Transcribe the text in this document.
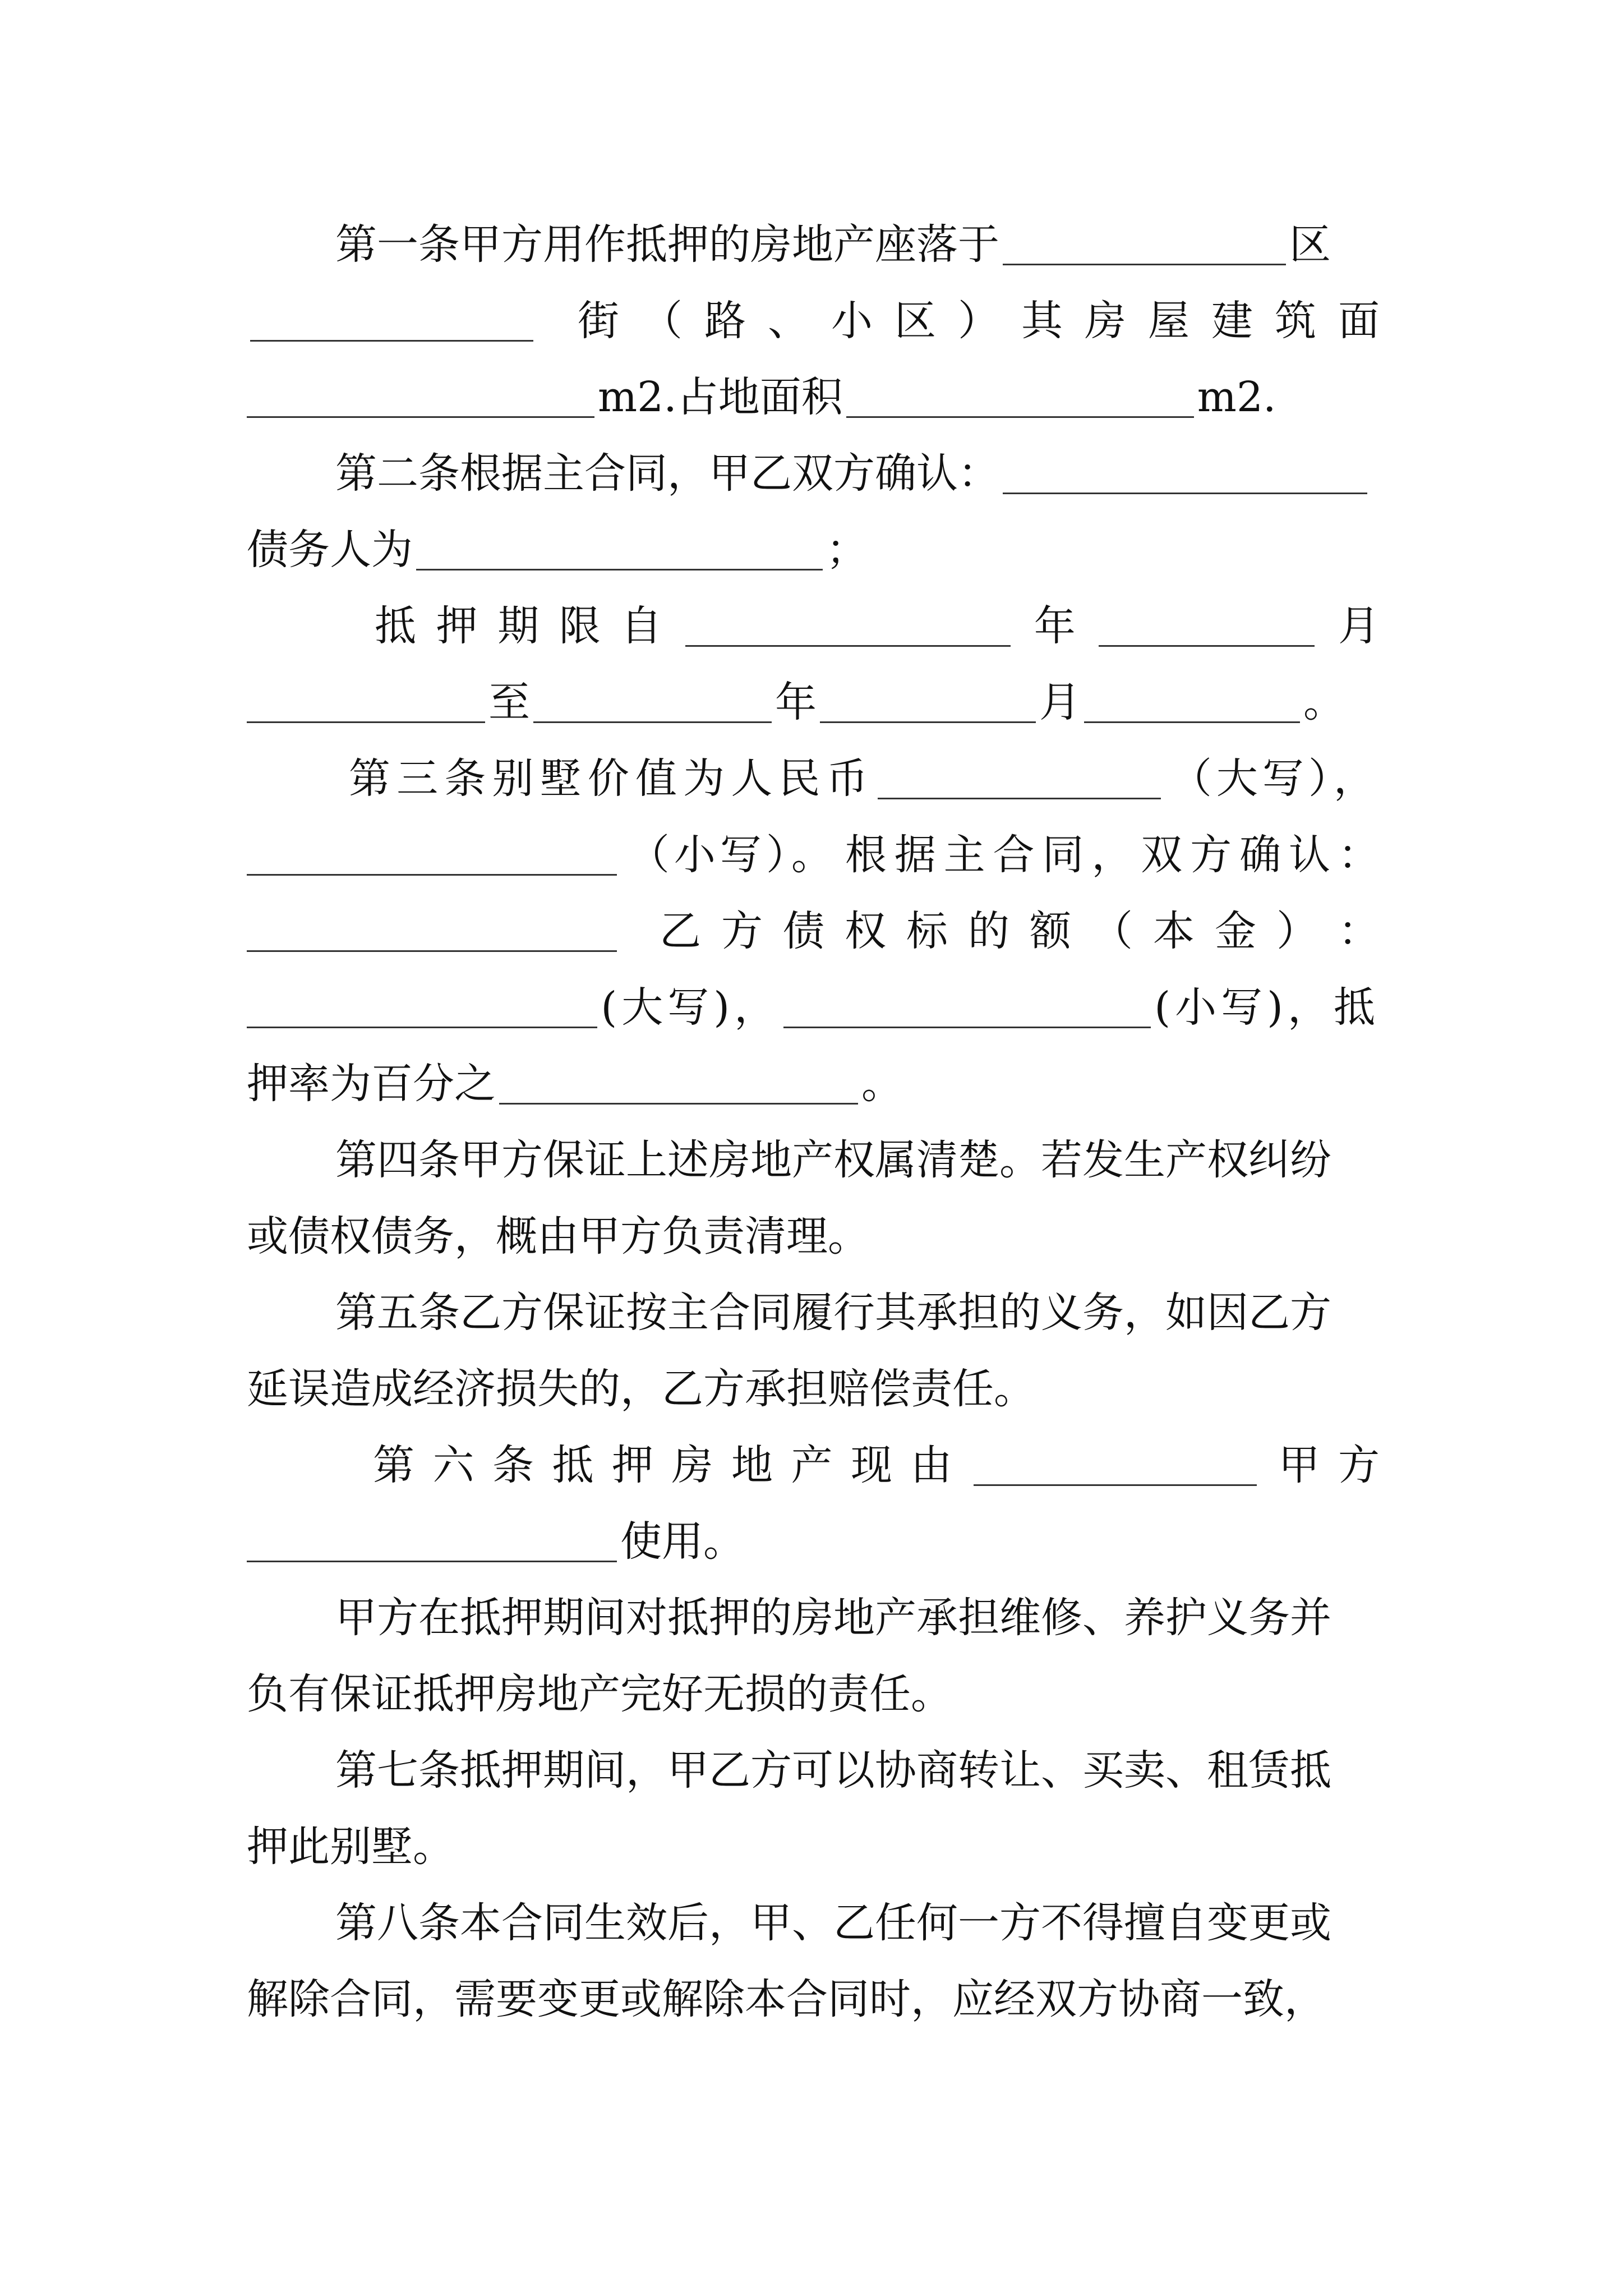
第一条甲方用作抵押的房地产座落于	区
街 （ 路 、 小 区 ） 其 房 屋 建 筑 面
m2. 占地面积	m2.
第二条根据主合同，甲乙双方确认：
债务人为	；
抵 押 期 限 自	年	月
至	年	月	。
第 三 条 别 墅 价 值 为 人 民 币	（大写），
（小写）。 根 据 主 合 同 ， 双 方 确 认 ：
乙 方 债 权 标 的 额 （ 本 金 ） ：
(大写)，	(小写)，抵
押率为百分之	。
第四条甲方保证上述房地产权属清楚。若发生产权纠纷
或债权债务，概由甲方负责清理。
第五条乙方保证按主合同履行其承担的义务，如因乙方
延误造成经济损失的，乙方承担赔偿责任。
第 六 条 抵 押 房 地 产 现 由	甲 方
使用。
甲方在抵押期间对抵押的房地产承担维修、养护义务并
负有保证抵押房地产完好无损的责任。
第七条抵押期间，甲乙方可以协商转让、买卖、租赁抵
押此别墅。
第八条本合同生效后，甲、乙任何一方不得擅自变更或
解除合同，需要变更或解除本合同时，应经双方协商一致，
